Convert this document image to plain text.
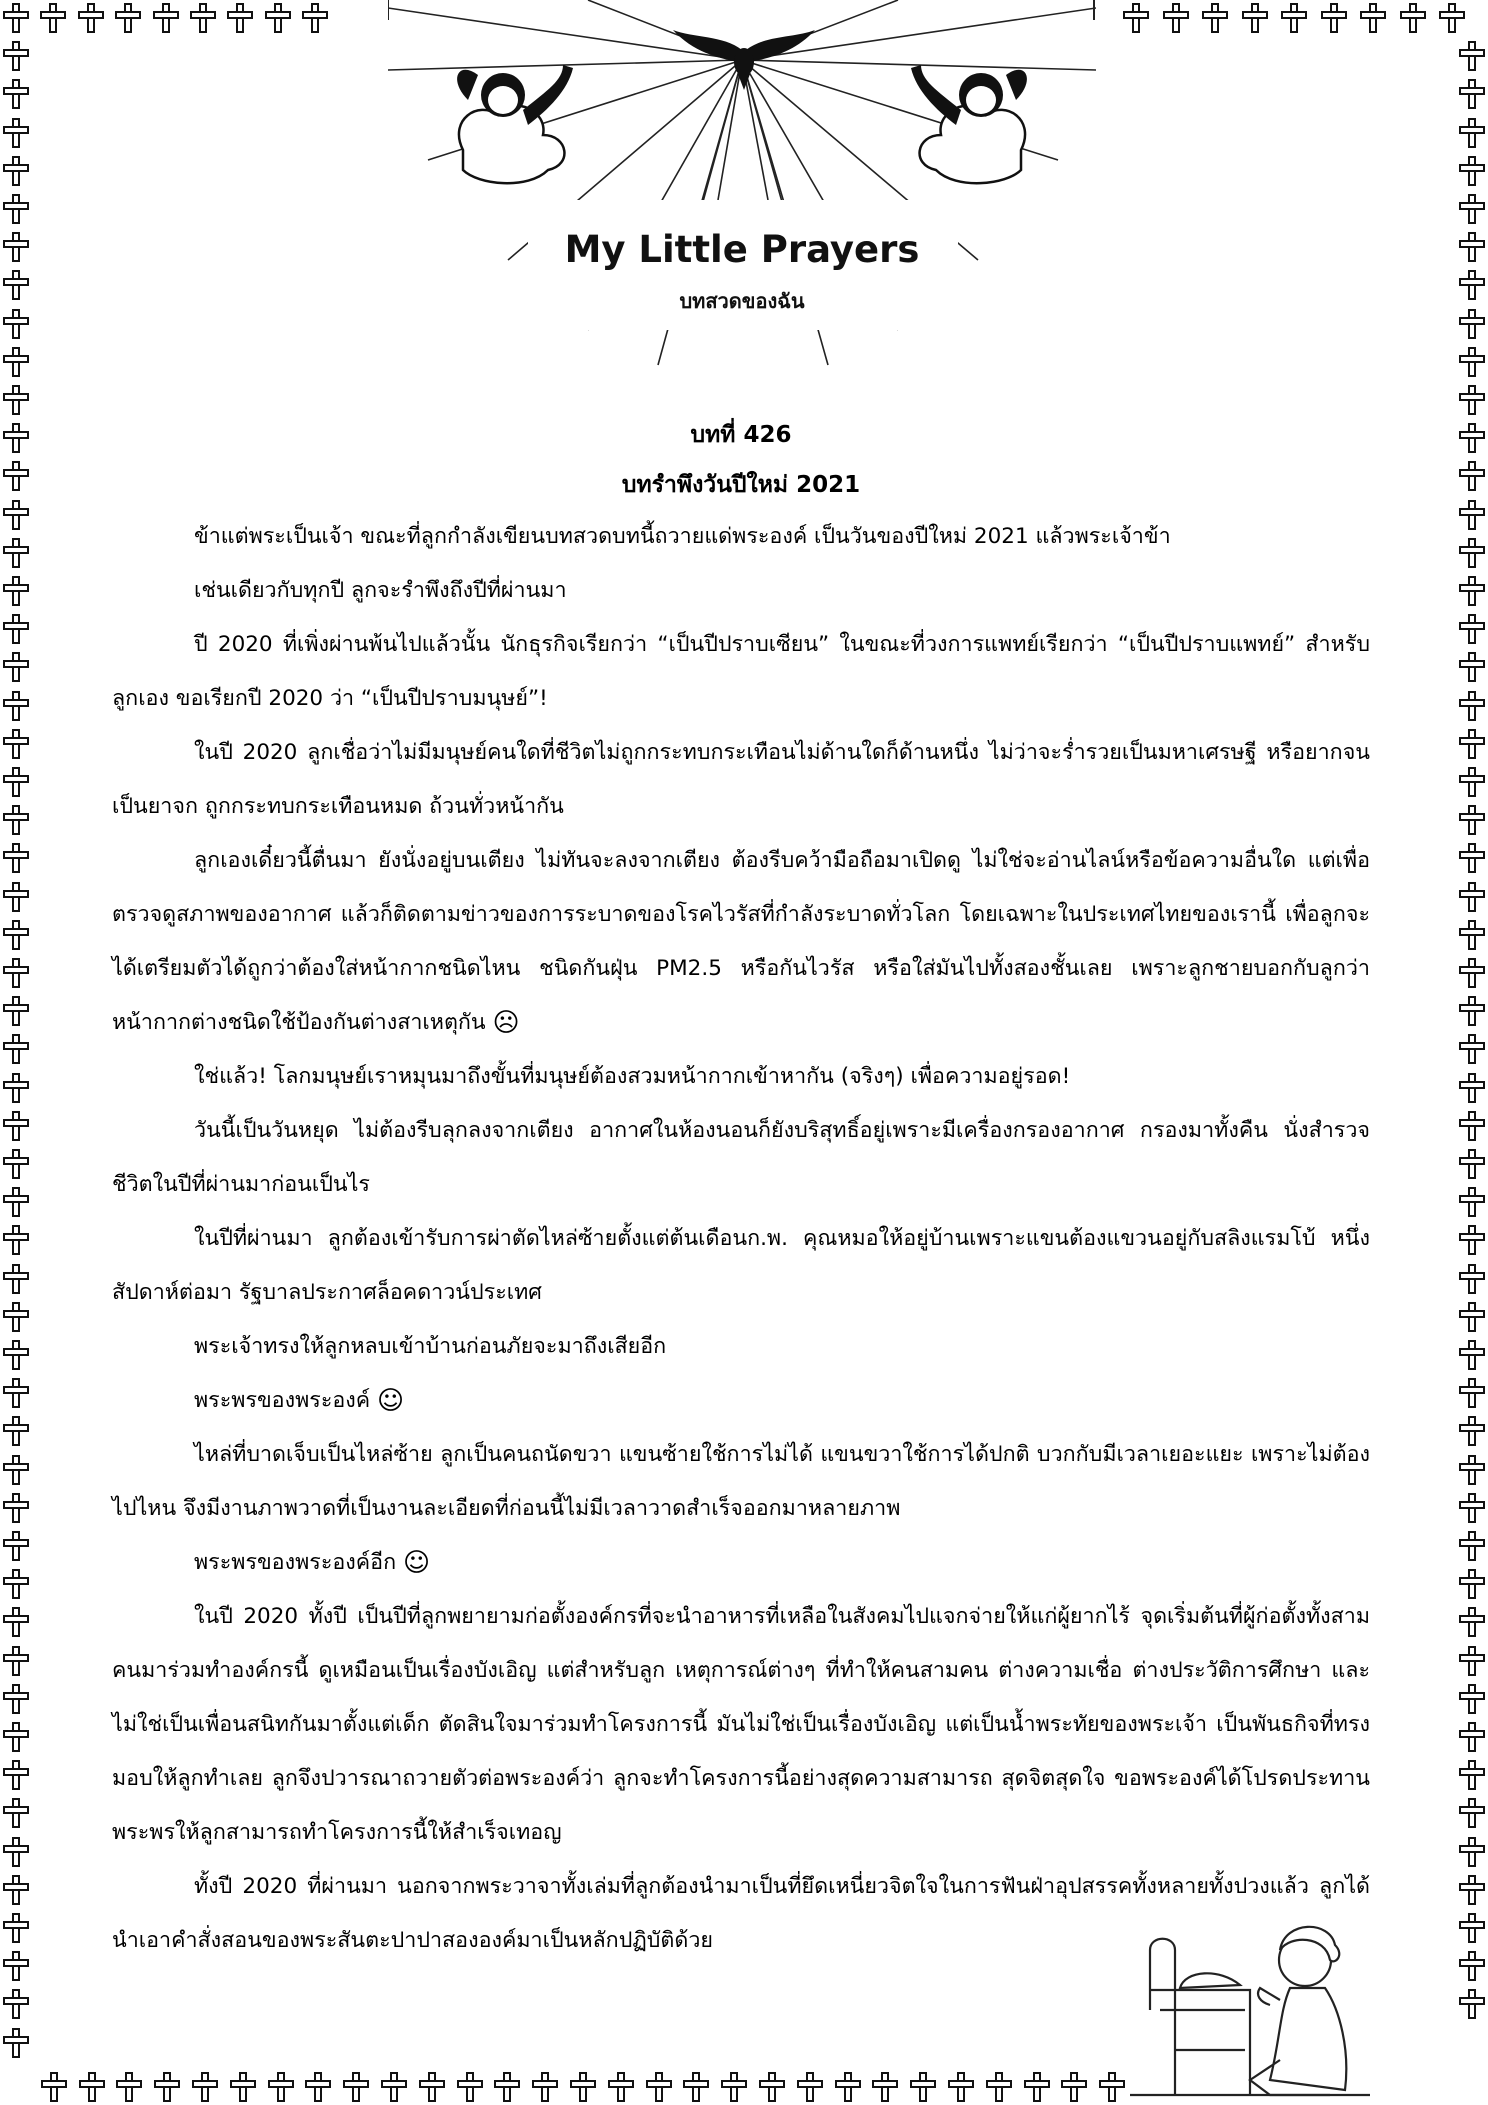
My Little Prayers
บทสวดของฉัน
บทที่ 426
บทรำพึงวันปีใหม่ 2021

ข้าแต่พระเป็นเจ้า ขณะที่ลูกกำลังเขียนบทสวดบทนี้ถวายแด่พระองค์ เป็นวันของปีใหม่ 2021 แล้วพระเจ้าข้า

เช่นเดียวกับทุกปี ลูกจะรำพึงถึงปีที่ผ่านมา

ปี 2020 ที่เพิ่งผ่านพ้นไปแล้วนั้น นักธุรกิจเรียกว่า “เป็นปีปราบเซียน” ในขณะที่วงการแพทย์เรียกว่า “เป็นปีปราบแพทย์” สำหรับลูกเอง ขอเรียกปี 2020 ว่า “เป็นปีปราบมนุษย์”!

ในปี 2020 ลูกเชื่อว่าไม่มีมนุษย์คนใดที่ชีวิตไม่ถูกกระทบกระเทือนไม่ด้านใดก็ด้านหนึ่ง ไม่ว่าจะร่ำรวยเป็นมหาเศรษฐี หรือยากจนเป็นยาจก ถูกกระทบกระเทือนหมด ถ้วนทั่วหน้ากัน

ลูกเองเดี๋ยวนี้ตื่นมา ยังนั่งอยู่บนเตียง ไม่ทันจะลงจากเตียง ต้องรีบคว้ามือถือมาเปิดดู ไม่ใช่จะอ่านไลน์หรือข้อความอื่นใด แต่เพื่อตรวจดูสภาพของอากาศ แล้วก็ติดตามข่าวของการระบาดของโรคไวรัสที่กำลังระบาดทั่วโลก โดยเฉพาะในประเทศไทยของเรานี้ เพื่อลูกจะได้เตรียมตัวได้ถูกว่าต้องใส่หน้ากากชนิดไหน ชนิดกันฝุ่น PM2.5 หรือกันไวรัส หรือใส่มันไปทั้งสองชั้นเลย เพราะลูกชายบอกกับลูกว่าหน้ากากต่างชนิดใช้ป้องกันต่างสาเหตุกัน ☹

ใช่แล้ว! โลกมนุษย์เราหมุนมาถึงขั้นที่มนุษย์ต้องสวมหน้ากากเข้าหากัน (จริงๆ) เพื่อความอยู่รอด!

วันนี้เป็นวันหยุด ไม่ต้องรีบลุกลงจากเตียง อากาศในห้องนอนก็ยังบริสุทธิ์อยู่เพราะมีเครื่องกรองอากาศ กรองมาทั้งคืน นั่งสำรวจชีวิตในปีที่ผ่านมาก่อนเป็นไร

ในปีที่ผ่านมา ลูกต้องเข้ารับการผ่าตัดไหล่ซ้ายตั้งแต่ต้นเดือนก.พ. คุณหมอให้อยู่บ้านเพราะแขนต้องแขวนอยู่กับสลิงแรมโบ้ หนึ่งสัปดาห์ต่อมา รัฐบาลประกาศล็อคดาวน์ประเทศ

พระเจ้าทรงให้ลูกหลบเข้าบ้านก่อนภัยจะมาถึงเสียอีก

พระพรของพระองค์ ☺

ไหล่ที่บาดเจ็บเป็นไหล่ซ้าย ลูกเป็นคนถนัดขวา แขนซ้ายใช้การไม่ได้ แขนขวาใช้การได้ปกติ บวกกับมีเวลาเยอะแยะ เพราะไม่ต้องไปไหน จึงมีงานภาพวาดที่เป็นงานละเอียดที่ก่อนนี้ไม่มีเวลาวาดสำเร็จออกมาหลายภาพ

พระพรของพระองค์อีก ☺

ในปี 2020 ทั้งปี เป็นปีที่ลูกพยายามก่อตั้งองค์กรที่จะนำอาหารที่เหลือในสังคมไปแจกจ่ายให้แก่ผู้ยากไร้ จุดเริ่มต้นที่ผู้ก่อตั้งทั้งสามคนมาร่วมทำองค์กรนี้ ดูเหมือนเป็นเรื่องบังเอิญ แต่สำหรับลูก เหตุการณ์ต่างๆ ที่ทำให้คนสามคน ต่างความเชื่อ ต่างประวัติการศึกษา และไม่ใช่เป็นเพื่อนสนิทกันมาตั้งแต่เด็ก ตัดสินใจมาร่วมทำโครงการนี้ มันไม่ใช่เป็นเรื่องบังเอิญ แต่เป็นน้ำพระทัยของพระเจ้า เป็นพันธกิจที่ทรงมอบให้ลูกทำเลย ลูกจึงปวารณาถวายตัวต่อพระองค์ว่า ลูกจะทำโครงการนี้อย่างสุดความสามารถ สุดจิตสุดใจ ขอพระองค์ได้โปรดประทานพระพรให้ลูกสามารถทำโครงการนี้ให้สำเร็จเทอญ

ทั้งปี 2020 ที่ผ่านมา นอกจากพระวาจาทั้งเล่มที่ลูกต้องนำมาเป็นที่ยึดเหนี่ยวจิตใจในการฟันฝ่าอุปสรรคทั้งหลายทั้งปวงแล้ว ลูกได้นำเอาคำสั่งสอนของพระสันตะปาปาสององค์มาเป็นหลักปฏิบัติด้วย
